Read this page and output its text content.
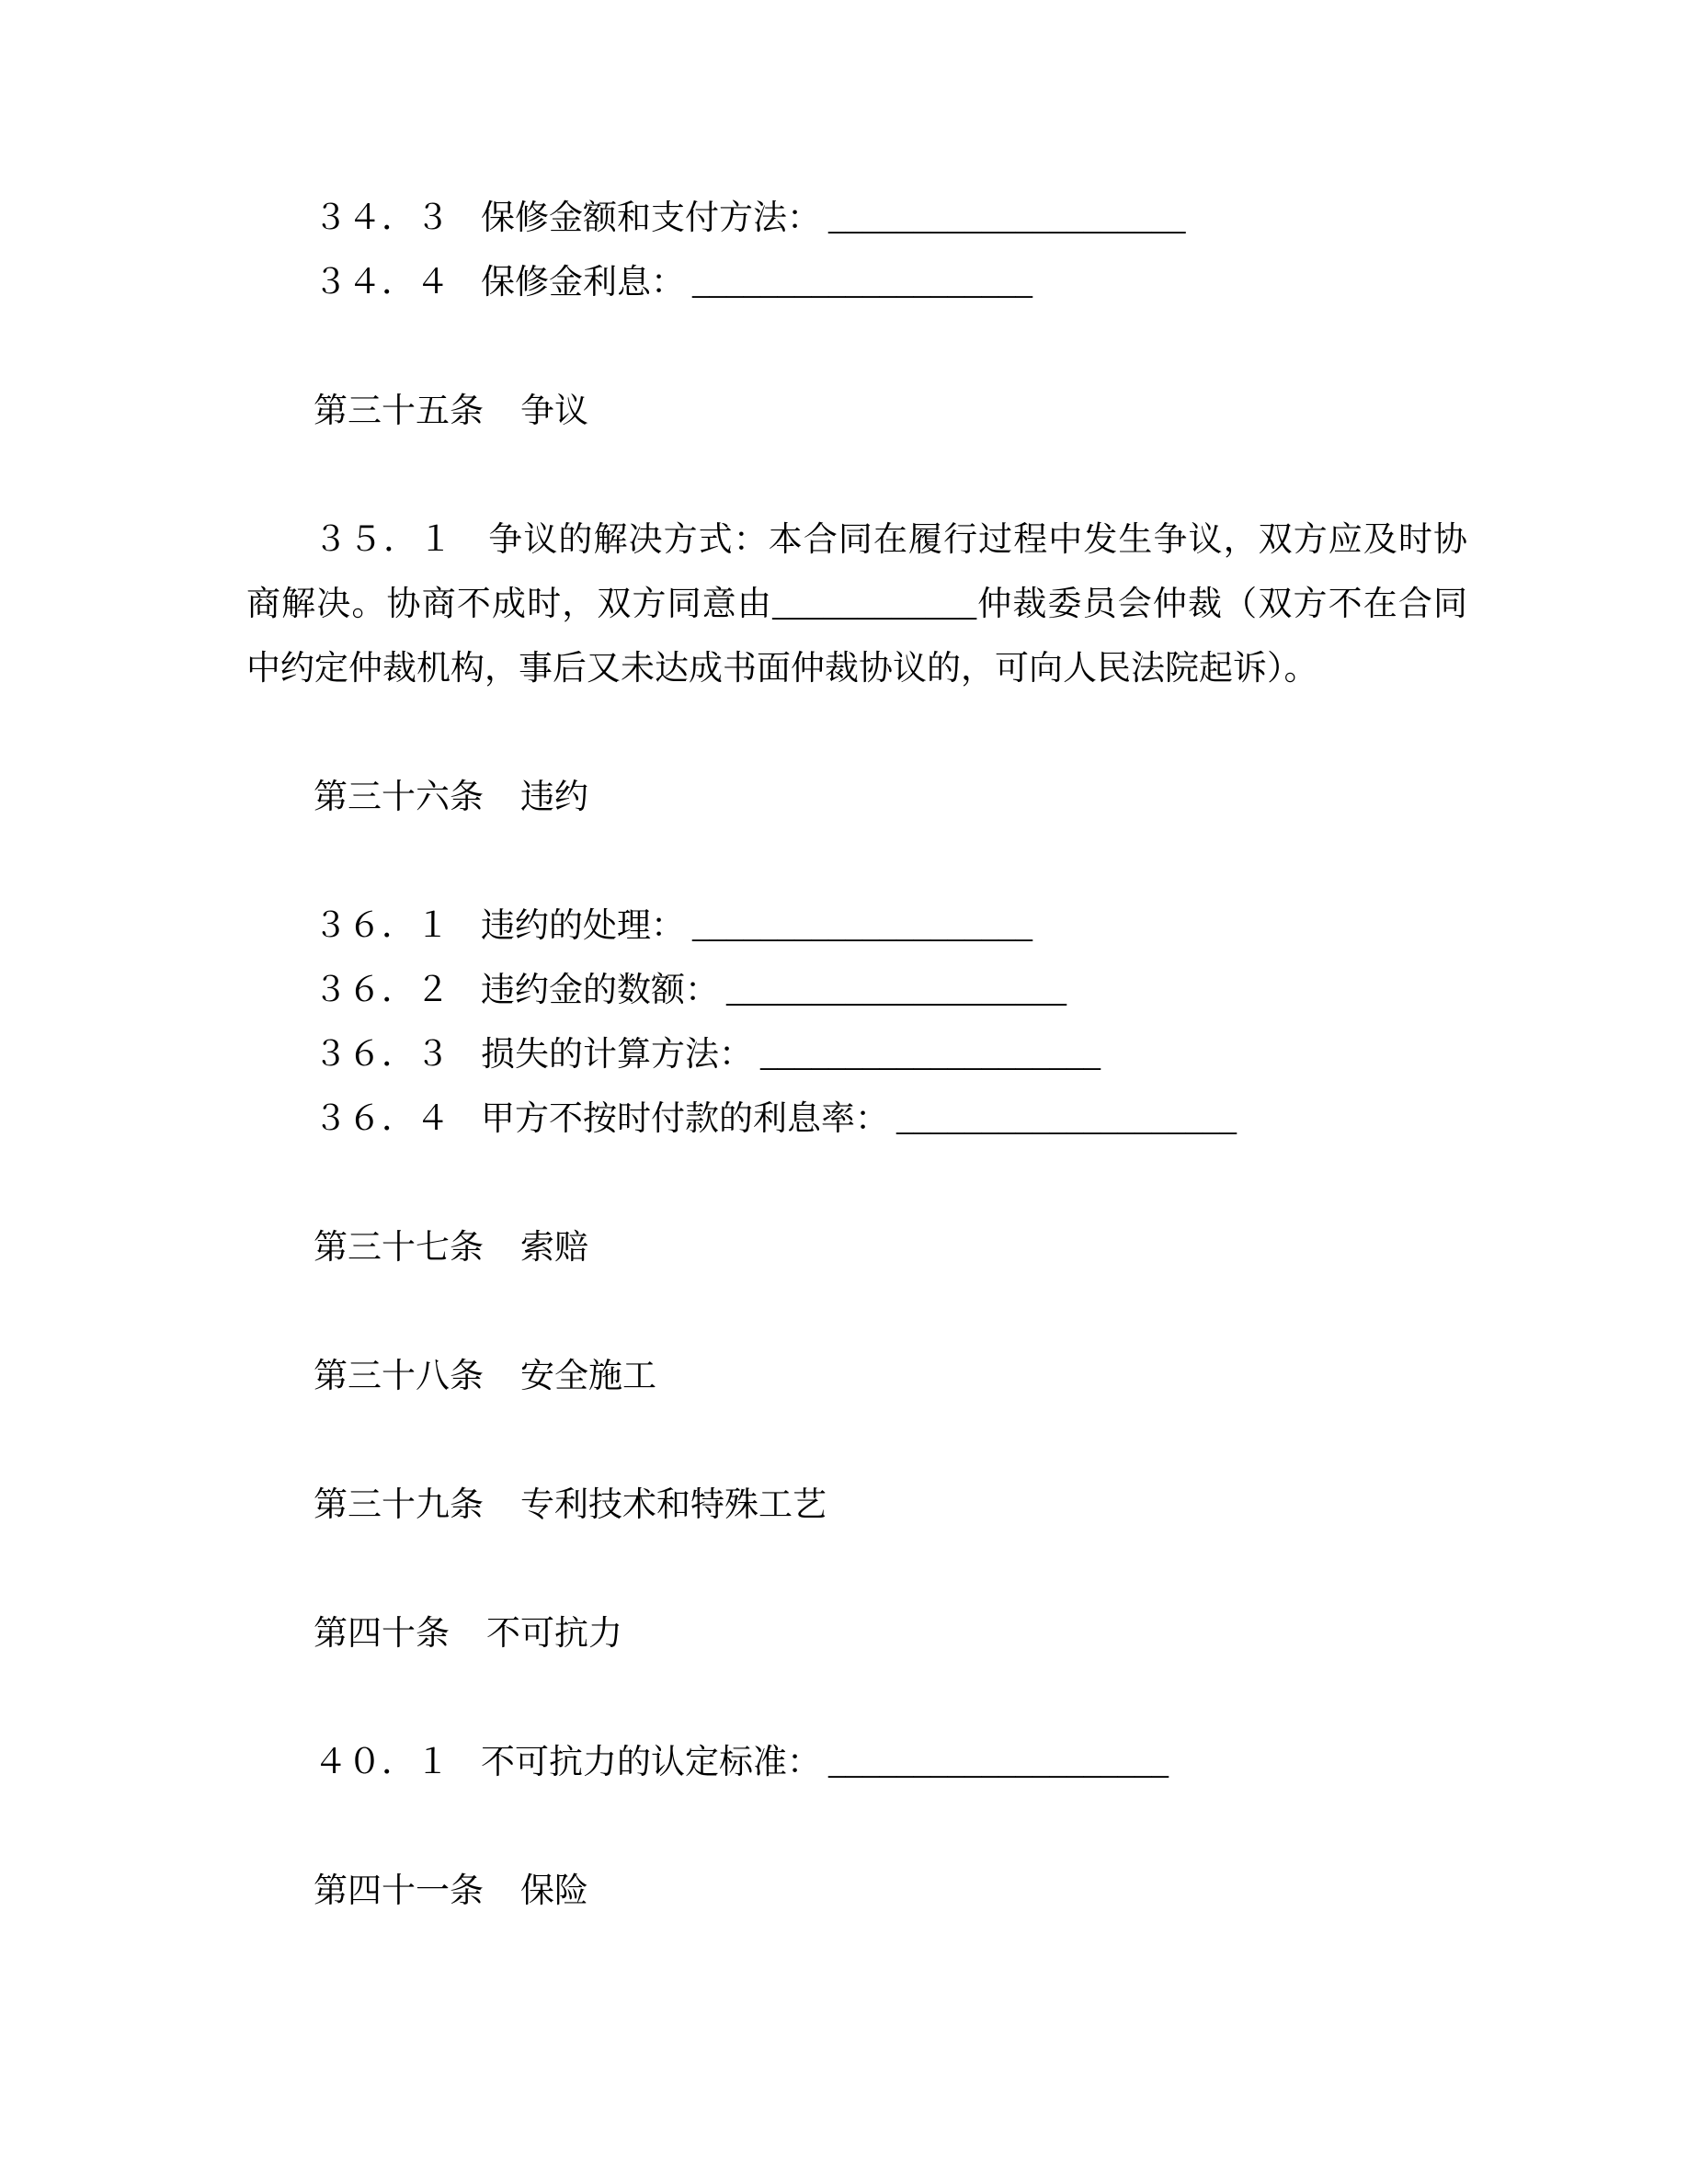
３４．３ 保修金额和支付方法： _____________________
３４．４ 保修金利息： ____________________
第三十五条 争议

３５．１　争议的解决方式：本合同在履行过程中发生争议，双方应及时协商解决。协商不成时，双方同意由____________仲裁委员会仲裁（双方不在合同中约定仲裁机构，事后又未达成书面仲裁协议的，可向人民法院起诉）。

第三十六条 违约
３６．１ 违约的处理： ____________________
３６．２ 违约金的数额： ____________________
３６．３ 损失的计算方法： ____________________
３６．４ 甲方不按时付款的利息率： ____________________
第三十七条 索赔
第三十八条 安全施工
第三十九条 专利技术和特殊工艺
第四十条 不可抗力
４０．１ 不可抗力的认定标准： ____________________
第四十一条 保险
